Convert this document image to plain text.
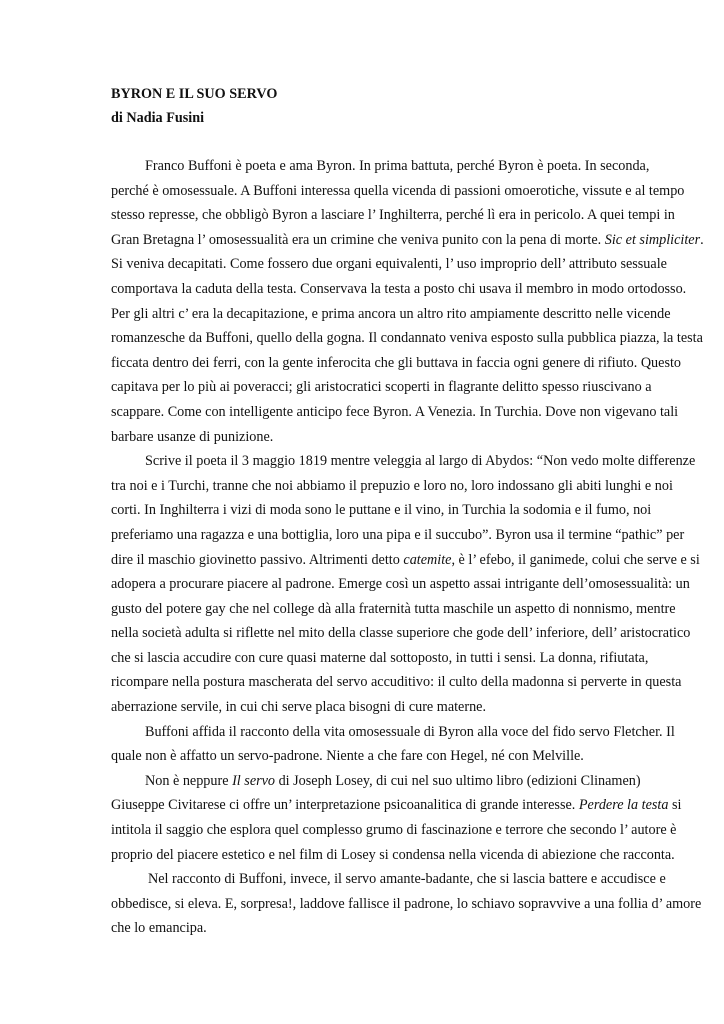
BYRON E IL SUO SERVO

di Nadia Fusini

Franco Buffoni è poeta e ama Byron. In prima battuta, perché Byron è poeta. In seconda,
perché è omosessuale. A Buffoni interessa quella vicenda di passioni omoerotiche, vissute e al tempo
stesso represse, che obbligò Byron a lasciare l’ Inghilterra, perché lì era in pericolo. A quei tempi in
Gran Bretagna l’ omosessualità era un crimine che veniva punito con la pena di morte. Sic et simpliciter.
Si veniva decapitati. Come fossero due organi equivalenti, l’ uso improprio dell’ attributo sessuale
comportava la caduta della testa. Conservava la testa a posto chi usava il membro in modo ortodosso.
Per gli altri c’ era la decapitazione, e prima ancora un altro rito ampiamente descritto nelle vicende
romanzesche da Buffoni, quello della gogna. Il condannato veniva esposto sulla pubblica piazza, la testa
ficcata dentro dei ferri, con la gente inferocita che gli buttava in faccia ogni genere di rifiuto. Questo
capitava per lo più ai poveracci; gli aristocratici scoperti in flagrante delitto spesso riuscivano a
scappare. Come con intelligente anticipo fece Byron. A Venezia. In Turchia. Dove non vigevano tali
barbare usanze di punizione.
Scrive il poeta il 3 maggio 1819 mentre veleggia al largo di Abydos: “Non vedo molte differenze
tra noi e i Turchi, tranne che noi abbiamo il prepuzio e loro no, loro indossano gli abiti lunghi e noi
corti. In Inghilterra i vizi di moda sono le puttane e il vino, in Turchia la sodomia e il fumo, noi
preferiamo una ragazza e una bottiglia, loro una pipa e il succubo”. Byron usa il termine “pathic” per
dire il maschio giovinetto passivo. Altrimenti detto catemite, è l’ efebo, il ganimede, colui che serve e si
adopera a procurare piacere al padrone. Emerge così un aspetto assai intrigante dell’omosessualità: un
gusto del potere gay che nel college dà alla fraternità tutta maschile un aspetto di nonnismo, mentre
nella società adulta si riflette nel mito della classe superiore che gode dell’ inferiore, dell’ aristocratico
che si lascia accudire con cure quasi materne dal sottoposto, in tutti i sensi. La donna, rifiutata,
ricompare nella postura mascherata del servo accuditivo: il culto della madonna si perverte in questa
aberrazione servile, in cui chi serve placa bisogni di cure materne.
Buffoni affida il racconto della vita omosessuale di Byron alla voce del fido servo Fletcher. Il
quale non è affatto un servo-padrone. Niente a che fare con Hegel, né con Melville.
Non è neppure Il servo di Joseph Losey, di cui nel suo ultimo libro (edizioni Clinamen)
Giuseppe Civitarese ci offre un’ interpretazione psicoanalitica di grande interesse. Perdere la testa si
intitola il saggio che esplora quel complesso grumo di fascinazione e terrore che secondo l’ autore è
proprio del piacere estetico e nel film di Losey si condensa nella vicenda di abiezione che racconta.
Nel racconto di Buffoni, invece, il servo amante-badante, che si lascia battere e accudisce e
obbedisce, si eleva. E, sorpresa!, laddove fallisce il padrone, lo schiavo sopravvive a una follia d’ amore
che lo emancipa.
